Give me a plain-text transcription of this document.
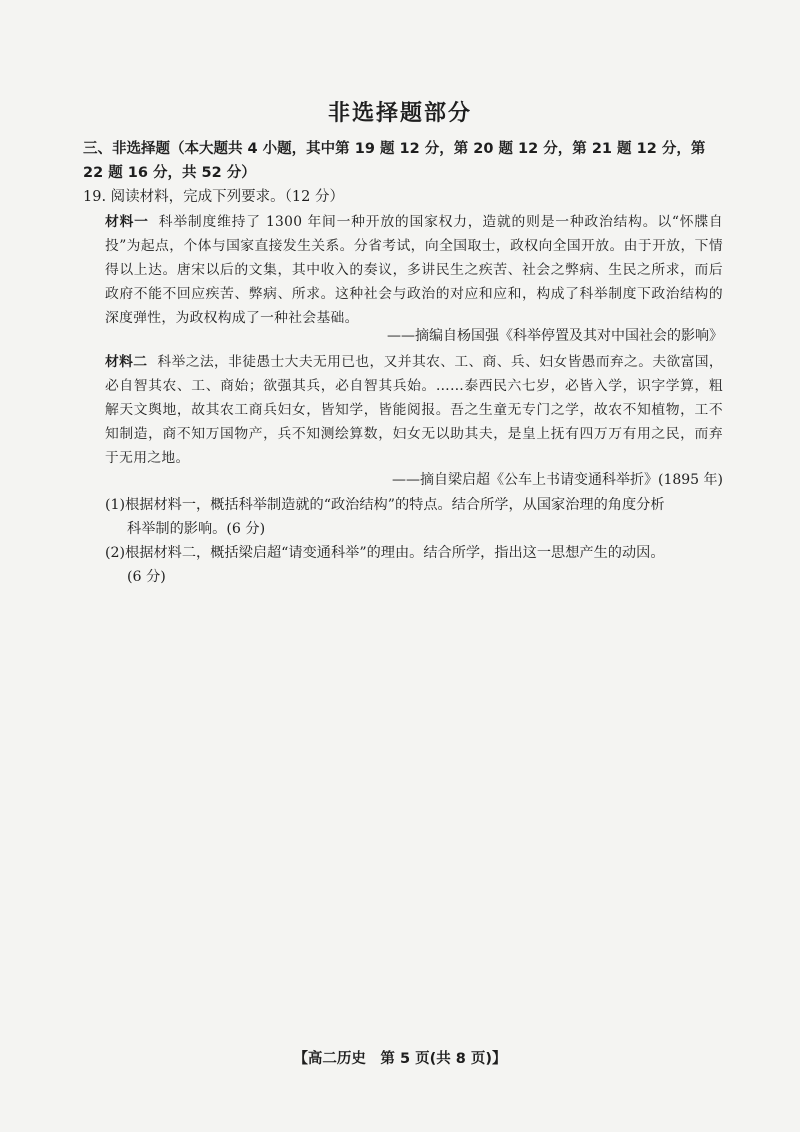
非选择题部分
三、非选择题（本大题共 4 小题，其中第 19 题 12 分，第 20 题 12 分，第 21 题 12 分，第 22 题 16 分，共 52 分）
19. 阅读材料，完成下列要求。（12 分）
材料一 科举制度维持了 1300 年间一种开放的国家权力，造就的则是一种政治结构。以“怀牒自投”为起点，个体与国家直接发生关系。分省考试，向全国取士，政权向全国开放。由于开放，下情得以上达。唐宋以后的文集，其中收入的奏议，多讲民生之疾苦、社会之弊病、生民之所求，而后政府不能不回应疾苦、弊病、所求。这种社会与政治的对应和应和，构成了科举制度下政治结构的深度弹性，为政权构成了一种社会基础。
——摘编自杨国强《科举停置及其对中国社会的影响》
材料二 科举之法，非徒愚士大夫无用已也，又并其农、工、商、兵、妇女皆愚而弃之。夫欲富国，必自智其农、工、商始；欲强其兵，必自智其兵始。……泰西民六七岁，必皆入学，识字学算，粗解天文舆地，故其农工商兵妇女，皆知学，皆能阅报。吾之生童无专门之学，故农不知植物，工不知制造，商不知万国物产，兵不知测绘算数，妇女无以助其夫，是皇上抚有四万万有用之民，而弃于无用之地。
——摘自梁启超《公车上书请变通科举折》(1895 年)
(1)根据材料一，概括科举制造就的“政治结构”的特点。结合所学，从国家治理的角度分析
科举制的影响。(6 分)
(2)根据材料二，概括梁启超“请变通科举”的理由。结合所学，指出这一思想产生的动因。
(6 分)
【高二历史　第 5 页(共 8 页)】
